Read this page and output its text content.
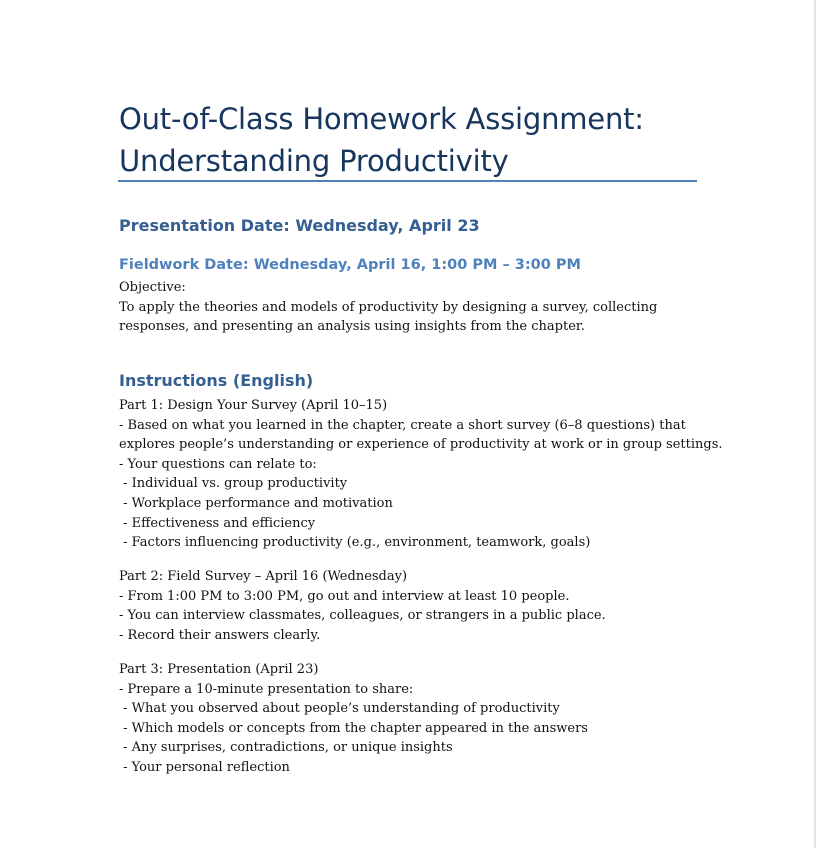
Out-of-Class Homework Assignment:
Understanding Productivity
Presentation Date: Wednesday, April 23
Fieldwork Date: Wednesday, April 16, 1:00 PM – 3:00 PM
Objective:
To apply the theories and models of productivity by designing a survey, collecting
responses, and presenting an analysis using insights from the chapter.
Instructions (English)
Part 1: Design Your Survey (April 10–15)
- Based on what you learned in the chapter, create a short survey (6–8 questions) that
explores people’s understanding or experience of productivity at work or in group settings.
- Your questions can relate to:
- Individual vs. group productivity
- Workplace performance and motivation
- Effectiveness and efficiency
- Factors influencing productivity (e.g., environment, teamwork, goals)
Part 2: Field Survey – April 16 (Wednesday)
- From 1:00 PM to 3:00 PM, go out and interview at least 10 people.
- You can interview classmates, colleagues, or strangers in a public place.
- Record their answers clearly.
Part 3: Presentation (April 23)
- Prepare a 10-minute presentation to share:
- What you observed about people’s understanding of productivity
- Which models or concepts from the chapter appeared in the answers
- Any surprises, contradictions, or unique insights
- Your personal reflection
